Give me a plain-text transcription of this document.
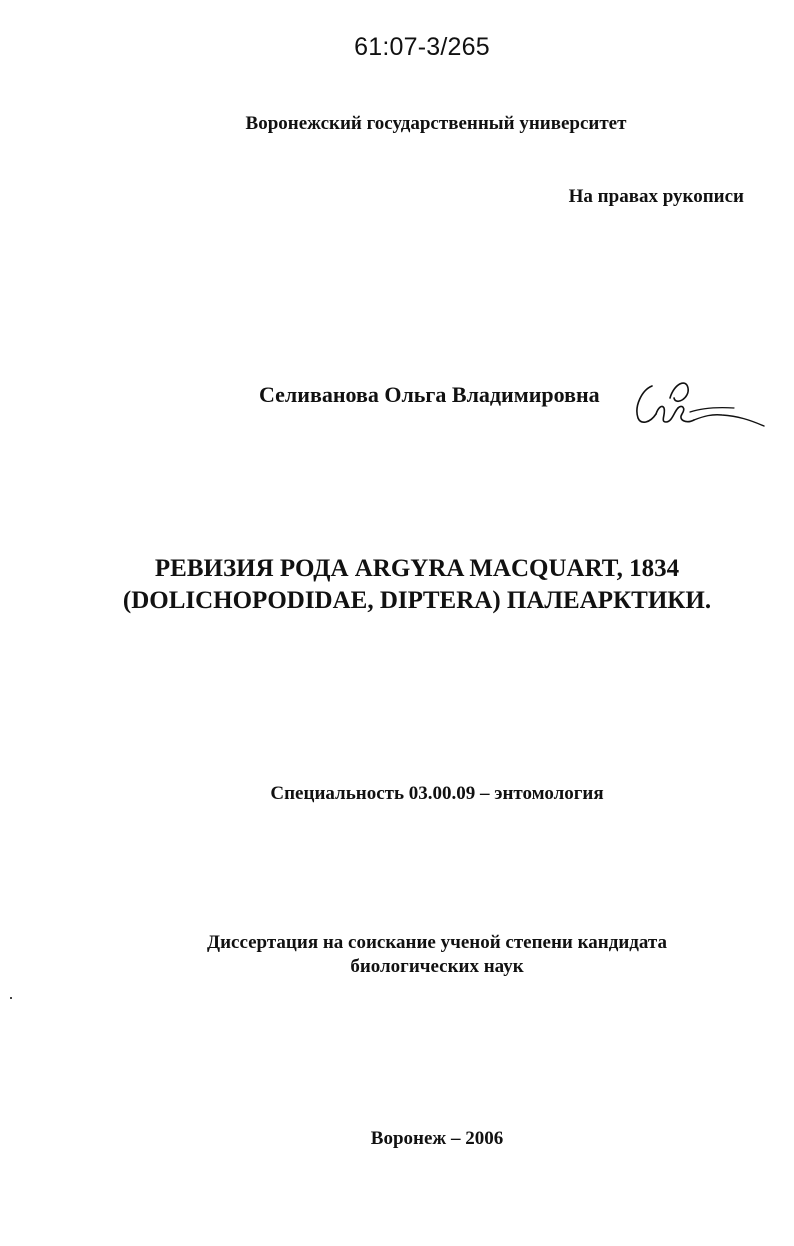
61:07-3/265
Воронежский государственный университет
На правах рукописи
Селиванова Ольга Владимировна
РЕВИЗИЯ РОДА ARGYRA MACQUART, 1834
(DOLICHOPODIDAE, DIPTERA) ПАЛЕАРКТИКИ.
Специальность 03.00.09 – энтомология
Диссертация на соискание ученой степени кандидата
биологических наук
Воронеж – 2006
